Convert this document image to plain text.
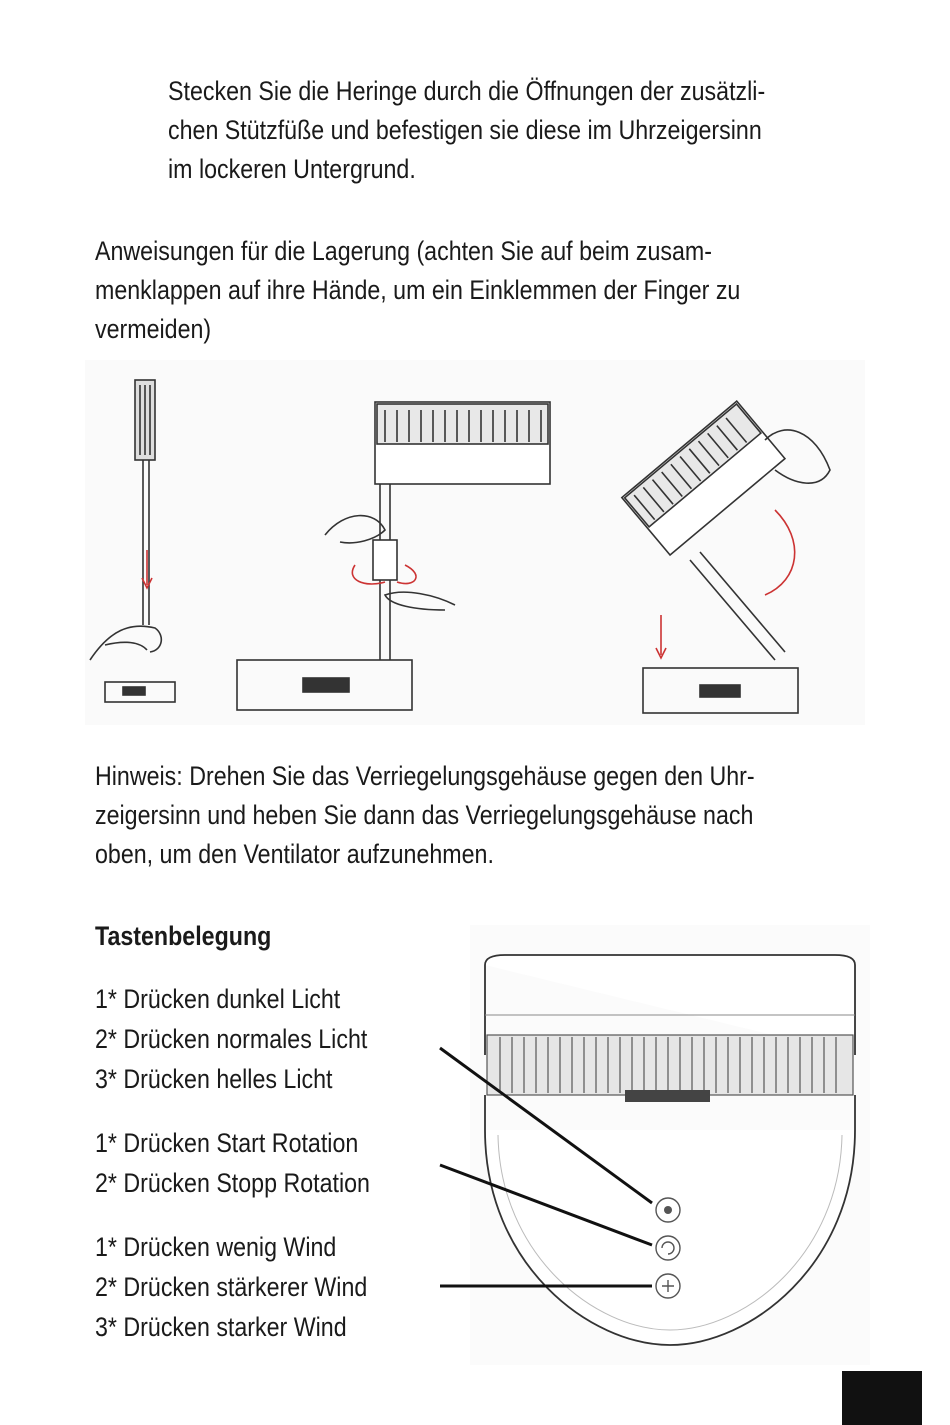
Stecken Sie die Heringe durch die Öffnungen der zusätzli-
chen Stützfüße und befestigen sie diese im Uhrzeigersinn
im lockeren Untergrund.
Anweisungen für die Lagerung (achten Sie auf beim zusam-
menklappen auf ihre Hände, um ein Einklemmen der Finger zu
vermeiden)
Hinweis: Drehen Sie das Verriegelungsgehäuse gegen den Uhr-
zeigersinn und heben Sie dann das Verriegelungsgehäuse nach
oben, um den Ventilator aufzunehmen.
Tastenbelegung
1* Drücken dunkel Licht
2* Drücken normales Licht
3* Drücken helles Licht
1* Drücken Start Rotation
2* Drücken Stopp Rotation
1* Drücken wenig Wind
2* Drücken stärkerer Wind
3* Drücken starker Wind
